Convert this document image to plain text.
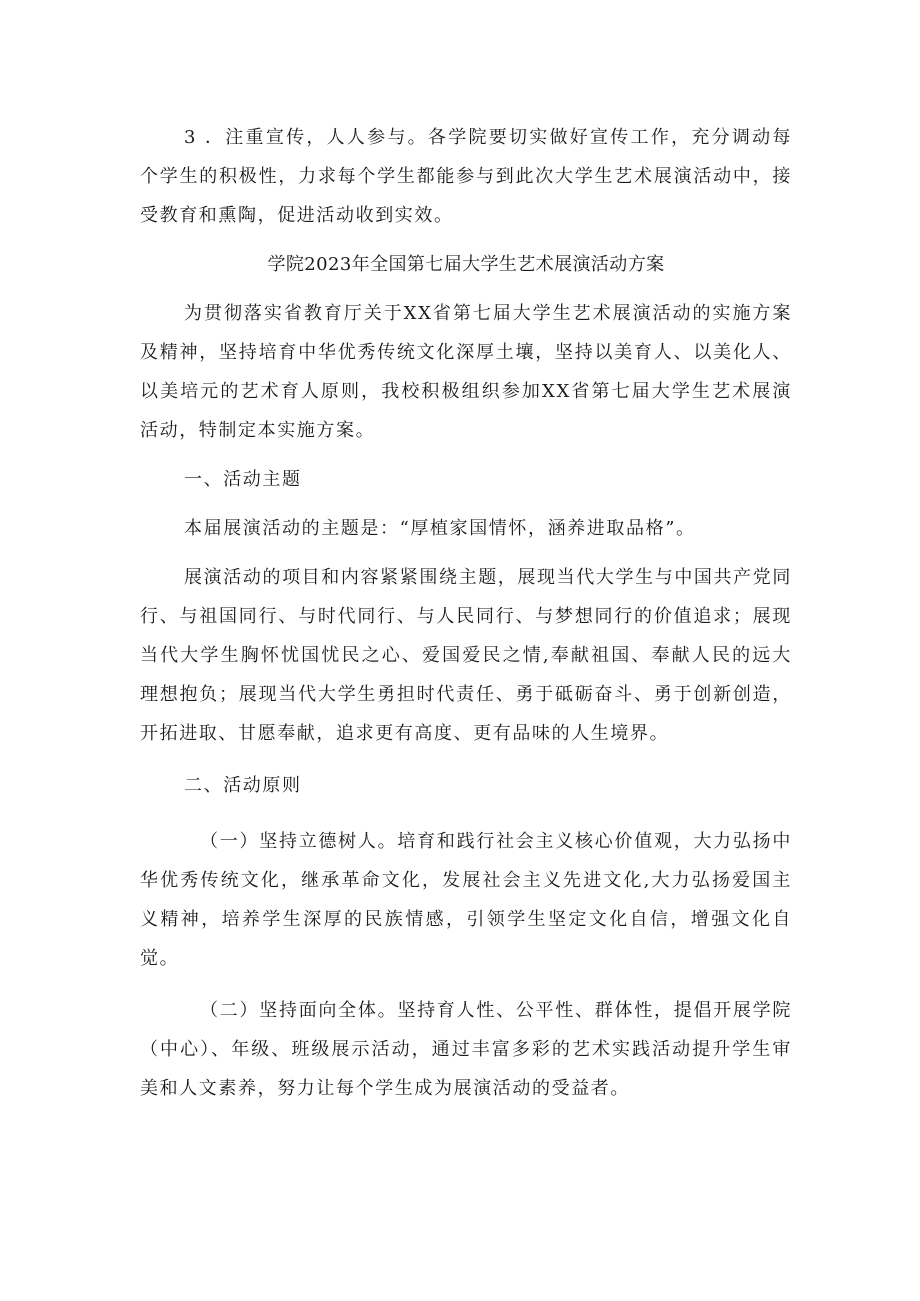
3 ．注重宣传，人人参与。各学院要切实做好宣传工作，充分调动每个学生的积极性，力求每个学生都能参与到此次大学生艺术展演活动中，接受教育和熏陶，促进活动收到实效。

学院2023年全国第七届大学生艺术展演活动方案

为贯彻落实省教育厅关于XX省第七届大学生艺术展演活动的实施方案及精神，坚持培育中华优秀传统文化深厚土壤，坚持以美育人、以美化人、以美培元的艺术育人原则，我校积极组织参加XX省第七届大学生艺术展演活动，特制定本实施方案。

一、活动主题

本届展演活动的主题是：“厚植家国情怀，涵养进取品格”。

展演活动的项目和内容紧紧围绕主题，展现当代大学生与中国共产党同行、与祖国同行、与时代同行、与人民同行、与梦想同行的价值追求；展现当代大学生胸怀忧国忧民之心、爱国爱民之情,奉献祖国、奉献人民的远大理想抱负；展现当代大学生勇担时代责任、勇于砥砺奋斗、勇于创新创造，开拓进取、甘愿奉献，追求更有高度、更有品味的人生境界。

二、活动原则

（一）坚持立德树人。培育和践行社会主义核心价值观，大力弘扬中华优秀传统文化，继承革命文化，发展社会主义先进文化,大力弘扬爱国主义精神，培养学生深厚的民族情感，引领学生坚定文化自信，增强文化自觉。

（二）坚持面向全体。坚持育人性、公平性、群体性，提倡开展学院（中心）、年级、班级展示活动，通过丰富多彩的艺术实践活动提升学生审美和人文素养，努力让每个学生成为展演活动的受益者。
